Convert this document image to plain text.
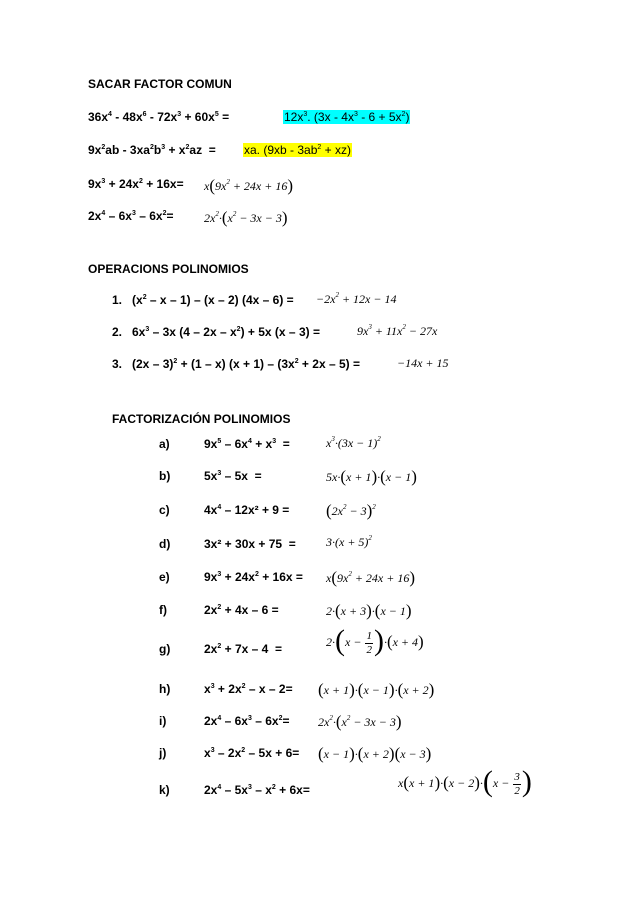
SACAR FACTOR COMUN
$36x^4 - 48x^6 - 72x^3 + 60x^5$ =	$12x^3$. $(3x - 4x^3 - 6 + 5x^2)$
$9x^2ab - 3xa^2b^3 + x^2az$  = xa. $(9xb - 3ab^2 + xz)$
$9x^3 + 24x^2 + 16x= x(9x^2 + 24x + 16)$
$2x^4 - 6x^3 - 6x^2=$	$2x^2\cdot(x^2 - 3x - 3)$
OPERACIONS POLINOMIOS
1.   ($x^2$ – x – 1) – (x – 2) $(4x - 6) = -2x^2 + 12x - 14$
2.   $6x^3 - 3x$ $(4 - 2x - x^2) + 5x$ (x – 3) =	$9x^3 + 11x^2 - 27x$
3.   (2x – 3)$^2$ + (1 – x) $(x + 1) - (3x^2 + 2x - 5)$ =	−14x + 15
FACTORIZACIÓN POLINOMIOS
a)	$9x^5 - 6x^4 + x^3$  =	$x^3\cdot(3x - 1)^2$
b)	$5x^3 - 5x$  =	5x·(x + 1)·(x − 1)
c)	$4x^4 - 12x^2 + 9 = (2x^2 - 3)^2$
d)	3x² + 30x + 75  =	$3\cdot(x + 5)^2$
e)	$9x^3 + 24x^2 + 16x = x(9x^2 + 24x + 16)$
f)	$2x^2 + 4x - 6$ =	2·(x + 3)·(x − 1)
g)	$2x^2 + 7x - 4$  =
$2\cdot(x - \frac{1}{2} )\cdot(x + 4)$
h)	$x^3 + 2x^2 - x - 2= (x + 1)\cdot(x - 1)\cdot(x + 2)$
i)	$2x^4 - 6x^3 - 6x^2= 2x^2\cdot(x^2 - 3x - 3)$
j)	$x^3 - 2x^2 - 5x + 6= (x - 1)\cdot(x + 2)(x - 3)$
k)	$2x^4 - 5x^3 - x^2 + 6x=$
$x(x + 1)\cdot(x - 2)\cdot(x - \frac{3}{2}$ )
